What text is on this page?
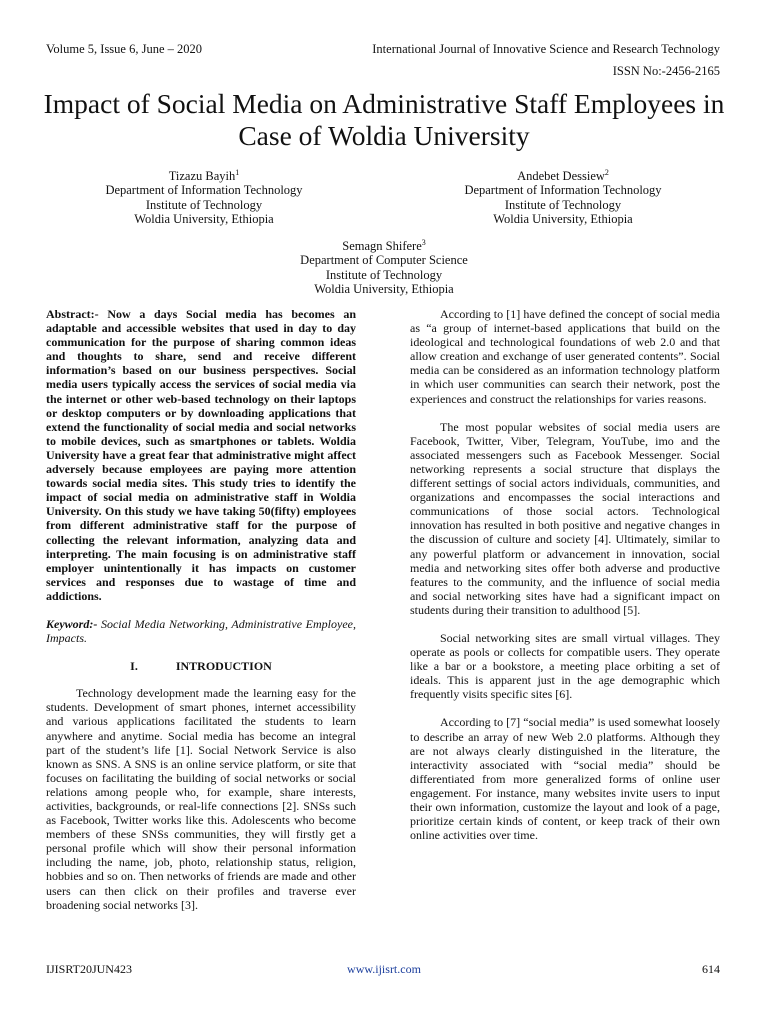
Volume 5, Issue 6, June – 2020	International Journal of Innovative Science and Research Technology
ISSN No:-2456-2165
Impact of Social Media on Administrative Staff Employees in Case of Woldia University
Tizazu Bayih$^1$
Department of Information Technology
Institute of Technology
Woldia University, Ethiopia
Andebet Dessiew$^2$
Department of Information Technology
Institute of Technology
Woldia University, Ethiopia
Semagn Shifere$^3$
Department of Computer Science
Institute of Technology
Woldia University, Ethiopia

Abstract:- Now a days Social media has becomes an adaptable and accessible websites that used in day to day communication for the purpose of sharing common ideas and thoughts to share, send and receive different information’s based on our business perspectives. Social media users typically access the services of social media via the internet or other web-based technology on their laptops or desktop computers or by downloading applications that extend the functionality of social media and social networks to mobile devices, such as smartphones or tablets. Woldia University have a great fear that administrative might affect adversely because employees are paying more attention towards social media sites. This study tries to identify the impact of social media on administrative staff in Woldia University. On this study we have taking 50(fifty) employees from different administrative staff for the purpose of collecting the relevant information, analyzing data and interpreting. The main focusing is on administrative staff employer unintentionally it has impacts on customer services and responses due to wastage of time and addictions.

Keyword:- Social Media Networking, Administrative Employee, Impacts.

I.	INTRODUCTION

Technology development made the learning easy for the students. Development of smart phones, internet accessibility and various applications facilitated the students to learn anywhere and anytime. Social media has become an integral part of the student’s life [1]. Social Network Service is also known as SNS. A SNS is an online service platform, or site that focuses on facilitating the building of social networks or social relations among people who, for example, share interests, activities, backgrounds, or real-life connections [2]. SNSs such as Facebook, Twitter works like this. Adolescents who become members of these SNSs communities, they will firstly get a personal profile which will show their personal information including the name, job, photo, relationship status, religion, hobbies and so on. Then networks of friends are made and other users can then click on their profiles and traverse ever broadening social networks [3].

According to [1] have defined the concept of social media as “a group of internet-based applications that build on the ideological and technological foundations of web 2.0 and that allow creation and exchange of user generated contents”. Social media can be considered as an information technology platform in which user communities can search their network, post the experiences and construct the relationships for varies reasons.

The most popular websites of social media users are Facebook, Twitter, Viber, Telegram, YouTube, imo and the associated messengers such as Facebook Messenger. Social networking represents a social structure that displays the different settings of social actors individuals, communities, and organizations and encompasses the social interactions and communications of those social actors. Technological innovation has resulted in both positive and negative changes in the discussion of culture and society [4]. Ultimately, similar to any powerful platform or advancement in innovation, social media and networking sites offer both adverse and productive features to the community, and the influence of social media and social networking sites have had a significant impact on students during their transition to adulthood [5].

Social networking sites are small virtual villages. They operate as pools or collects for compatible users. They operate like a bar or a bookstore, a meeting place orbiting a set of ideals. This is apparent just in the age demographic which frequently visits specific sites [6].

According to [7] “social media” is used somewhat loosely to describe an array of new Web 2.0 platforms. Although they are not always clearly distinguished in the literature, the interactivity associated with “social media” should be differentiated from more generalized forms of online user engagement. For instance, many websites invite users to input their own information, customize the layout and look of a page, prioritize certain kinds of content, or keep track of their own online activities over time.

IJISRT20JUN423	www.ijisrt.com	614
